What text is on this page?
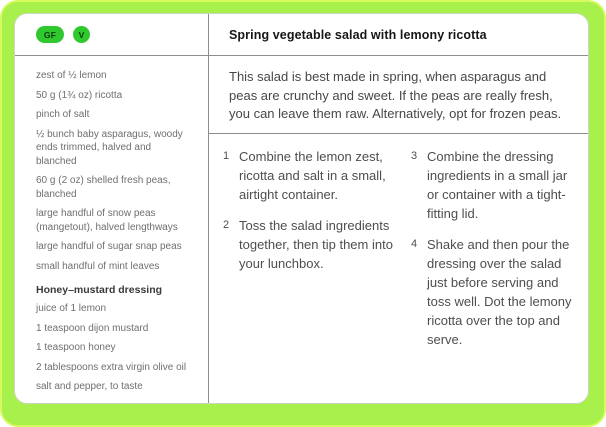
GF	V	Spring vegetable salad with lemony ricotta

zest of ½ lemon

50 g (1¾ oz) ricotta

pinch of salt

½ bunch baby asparagus, woody ends trimmed, halved and blanched

60 g (2 oz) shelled fresh peas, blanched

large handful of snow peas (mangetout), halved lengthways

large handful of sugar snap peas

small handful of mint leaves

Honey–mustard dressing

juice of 1 lemon

1 teaspoon dijon mustard

1 teaspoon honey

2 tablespoons extra virgin olive oil

salt and pepper, to taste

This salad is best made in spring, when asparagus and peas are crunchy and sweet. If the peas are really fresh, you can leave them raw. Alternatively, opt for frozen peas.
1 Combine the lemon zest, ricotta and salt in a small, airtight container.
2 Toss the salad ingredients together, then tip them into your lunchbox.
3 Combine the dressing ingredients in a small jar or container with a tight-fitting lid.
4 Shake and then pour the dressing over the salad just before serving and toss well. Dot the lemony ricotta over the top and serve.
